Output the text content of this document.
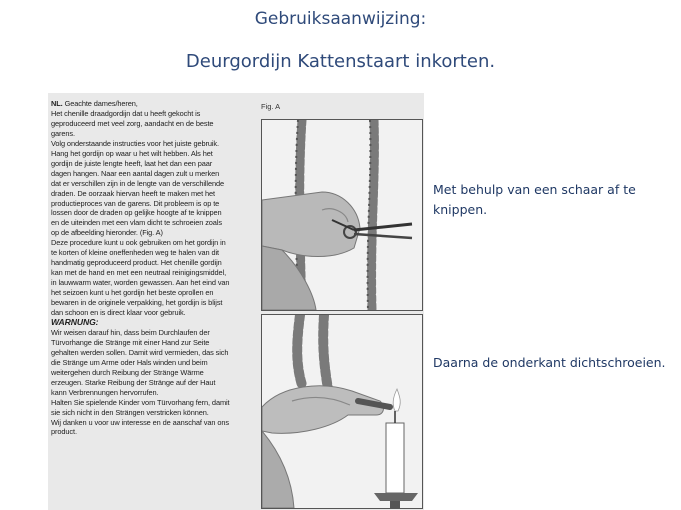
Gebruiksaanwijzing:
Deurgordijn Kattenstaart inkorten.
NL. Geachte dames/heren,
Het chenille draadgordijn dat u heeft gekocht is
geproduceerd met veel zorg, aandacht en de beste
garens.
Volg onderstaande instructies voor het juiste gebruik.
Hang het gordijn op waar u het wilt hebben. Als het
gordijn de juiste lengte heeft, laat het dan een paar
dagen hangen. Naar een aantal dagen zult u merken
dat er verschillen zijn in de lengte van de verschillende
draden. De oorzaak hiervan heeft te maken met het
productieproces van de garens. Dit probleem is op te
lossen door de draden op gelijke hoogte af te knippen
en de uiteinden met een vlam dicht te schroeien zoals
op de afbeelding hieronder. (Fig. A)
Deze procedure kunt u ook gebruiken om het gordijn in
te korten of kleine oneffenheden weg te halen van dit
handmatig geproduceerd product. Het chenille gordijn
kan met de hand en met een neutraal reinigingsmiddel,
in lauwwarm water, worden gewassen. Aan het eind van
het seizoen kunt u het gordijn het beste oprollen en
bewaren in de originele verpakking, het gordijn is blijst
dan schoon en is direct klaar voor gebruik.
WARNUNG:
Wir weisen darauf hin, dass beim Durchlaufen der
Türvorhange die Stränge mit einer Hand zur Seite
gehalten werden sollen. Damit wird vermieden, das sich
die Stränge um Arme oder Hals winden und beim
weitergehen durch Reibung der Stränge Wärme
erzeugen. Starke Reibung der Stränge auf der Haut
kann Verbrennungen hervorrufen.
Halten Sie spielende Kinder vom Türvorhang fern, damit
sie sich nicht in den Strängen verstricken können.
Wij danken u voor uw interesse en de aanschaf van ons
product.
Fig. A
Met behulp van een schaar af te knippen.
Daarna de onderkant dichtschroeien.
